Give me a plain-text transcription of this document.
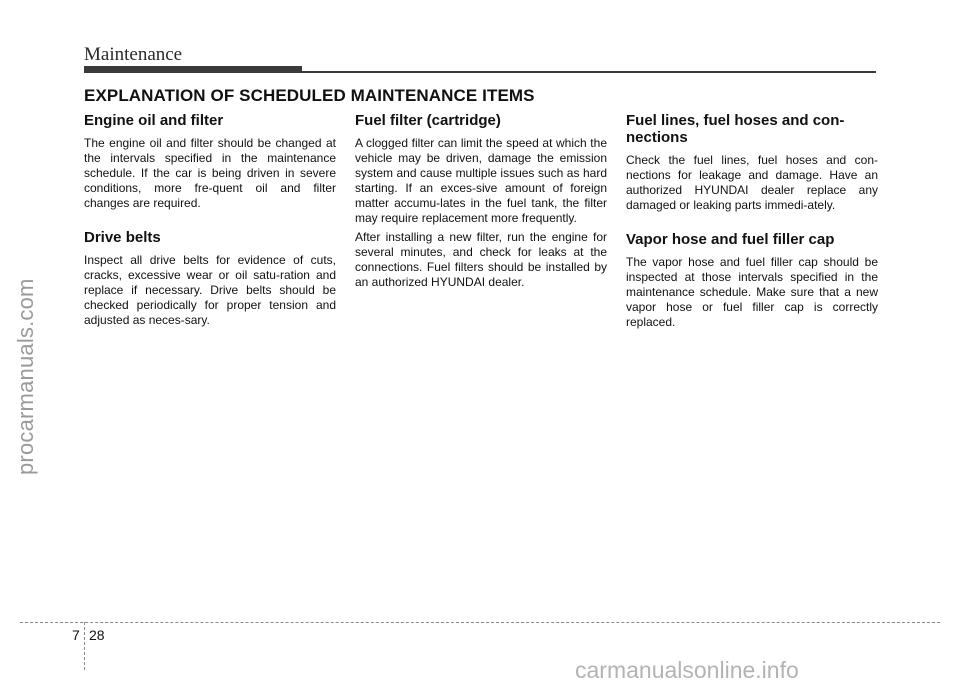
Maintenance
EXPLANATION OF SCHEDULED MAINTENANCE ITEMS
Engine oil and filter

The engine oil and filter should be changed at the intervals specified in the maintenance schedule. If the car is being driven in severe conditions, more fre-quent oil and filter changes are required.

Drive belts

Inspect all drive belts for evidence of cuts, cracks, excessive wear or oil satu-ration and replace if necessary. Drive belts should be checked periodically for proper tension and adjusted as neces-sary.

Fuel filter (cartridge)

A clogged filter can limit the speed at which the vehicle may be driven, damage the emission system and cause multiple issues such as hard starting. If an exces-sive amount of foreign matter accumu-lates in the fuel tank, the filter may require replacement more frequently.

After installing a new filter, run the engine for several minutes, and check for leaks at the connections. Fuel filters should be installed by an authorized HYUNDAI dealer.

Fuel lines, fuel hoses and con-nections

Check the fuel lines, fuel hoses and con-nections for leakage and damage. Have an authorized HYUNDAI dealer replace any damaged or leaking parts immedi-ately.

Vapor hose and fuel filler cap

The vapor hose and fuel filler cap should be inspected at those intervals specified in the maintenance schedule. Make sure that a new vapor hose or fuel filler cap is correctly replaced.

procarmanuals.com
7 28
carmanualsonline.info
